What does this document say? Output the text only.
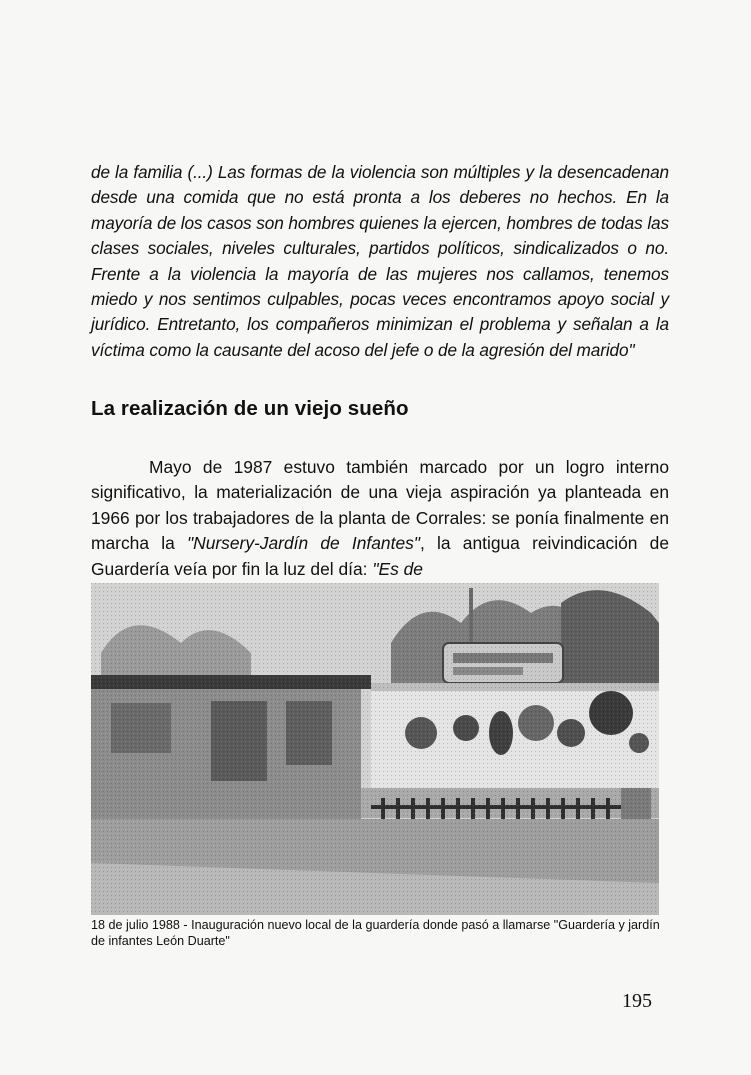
de la familia (...) Las formas de la violencia son múltiples y la desencadenan desde una comida que no está pronta a los deberes no hechos. En la mayoría de los casos son hombres quienes la ejercen, hombres de todas las clases sociales, niveles culturales, partidos políticos, sindicalizados o no. Frente a la violencia la mayoría de las mujeres nos callamos, tenemos miedo y nos sentimos culpables, pocas veces encontramos apoyo social y jurídico. Entretanto, los compañeros minimizan el problema y señalan a la víctima como la causante del acoso del jefe o de la agresión del marido"

La realización de un viejo sueño

Mayo de 1987 estuvo también marcado por un logro interno significativo, la materialización de una vieja aspiración ya planteada en 1966 por los trabajadores de la planta de Corrales: se ponía finalmente en marcha la "Nursery-Jardín de Infantes", la antigua reivindicación de Guardería veía por fin la luz del día: "Es de

18 de julio 1988 - Inauguración nuevo local de la guardería donde pasó a llamarse "Guardería y jardín de infantes León Duarte"
195
